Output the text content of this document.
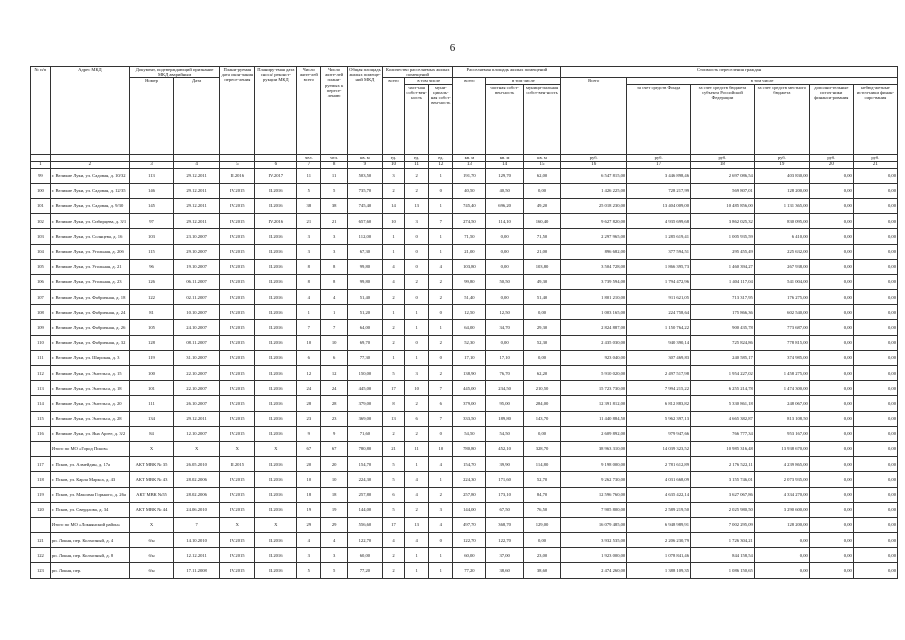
6
№ п/п	Адрес МКД	Документ, подтверждающий признание МКД аварийным		Плани-руемая дата окон-чания пересе-ления	Планиру-емая дата сноса/ реконст-рукции МКД	Число жите-лей всего	Число жите-лей плани-руемых к пересе-лению	Общая площадь жилых помеще-ний МКД	Количество расселяемых жилых помещений			Расселяемая площадь жилых помещений			Стоимость переселения граждан					
		Номер	Дата						всего	в том числе		всего	в том числе		Всего	в том числе				
										част-ная собст-вен-ность	муни-ципаль-ная собст-вен-ность		частная собст-вен-ность	муници-пальная собст-вен-ность		за счет средств Фонда	за счет средств бюджета субъекта Российской Федерации	за счет средств местного бюджета	дополни-тельные источ-ники финанси-рования	небюд-жетные источ-ники финан-сиро-вания
						чел.	чел.	кв. м	ед.	ед.	ед.	кв. м	кв. м	кв. м	руб.	руб.	руб.	руб.	руб.	руб.
1	2	3	4	5	6	7	8	9	10	11	12	13	14	15	16	17	18	19	20	21
99	г. Великие Луки, ул. Садовая, д. 10/32	113	29.12.2011	II.2016	IV.2017	11	11	503,50	3	2	1	191,70	129,70	62,00	6 547 815,00	3 446 898,46	2 697 086,54	403 830,00	0,00	0,00
100	г. Великие Луки, ул. Садовая, д. 12/35	146	29.12.2011	IV.2015	II.2016	5	5	735,70	2	2	0	40,50	40,50	0,00	1 426 225,00	728 217,99	569 807,01	128 200,00	0,00	0,00
101	г. Великие Луки, ул. Садовая, д. 9/30	145	29.12.2011	IV.2015	II.2016	38	38	745,40	14	13	1	745,40	696,20	49,20	25 018 230,00	13 404 009,00	10 485 856,00	1 131 365,00	0,00	0,00
102	г. Великие Луки, ул. Сибирцева, д. 3/1	97	29.12.2011	IV.2015	IV.2016	21	21	657,60	10	3	7	274,50	114,10	160,40	9 627 820,00	4 935 699,68	3 862 025,32	830 095,00	0,00	0,00
103	г. Великие Луки, ул. Солнцева, д. 16	103	23.10.2007	IV.2015	II.2016	3	3	112,00	1	0	1	71,50	0,00	71,50	2 297 965,00	1 285 619,41	1 005 935,59	6 410,00	0,00	0,00
104	г. Великие Луки, ул. Угольная, д. 20б	115	29.10.2007	IV.2015	II.2016	3	3	67,30	1	0	1	21,00	0,00	21,00	896 682,00	377 594,51	295 455,49	225 632,00	0,00	0,00
105	г. Великие Луки, ул. Угольная, д. 21	96	19.10.2007	IV.2015	II.2016	8	8	99,80	4	0	4	103,80	0,00	103,80	3 504 728,00	1 866 395,73	1 460 394,27	267 938,00	0,00	0,00
106	г. Великие Луки, ул. Угольная, д. 23	126	06.11.2007	IV.2015	II.2016	8	8	99,80	4	2	2	99,80	50,50	49,30	3 739 594,00	1 794 472,96	1 404 117,04	541 004,00	0,00	0,00
107	г. Великие Луки, ул. Фабричная, д. 18	122	02.11.2007	IV.2015	II.2016	4	4	51,40	2	0	2	51,40	0,00	51,40	1 801 210,00	911 621,05	713 317,95	176 275,00	0,00	0,00
108	г. Великие Луки, ул. Фабричная, д. 24	81	10.10.2007	IV.2015	II.2016	1	1	51,20	1	1	0	12,50	12,50	0,00	1 003 165,00	224 758,64	175 866,36	602 540,00	0,00	0,00
109	г. Великие Луки, ул. Фабричная, д. 26	105	24.10.2007	IV.2015	II.2016	7	7	64,00	2	1	1	64,00	34,70	29,30	2 824 887,00	1 150 764,22	900 435,78	773 687,00	0,00	0,00
110	г. Великие Луки, ул. Фабричная, д. 32	128	08.11.2007	IV.2015	II.2016	10	10	69,70	2	0	2	52,30	0,00	52,30	2 435 030,00	940 390,14	725 824,86	778 815,00	0,00	0,00
111	г. Великие Луки, ул. Широкая, д. 3	119	31.10.2007	IV.2015	II.2016	6	6	77,30	1	1	0	17,10	17,10	0,00	923 040,00	307 469,83	240 585,17	374 985,00	0,00	0,00
112	г. Великие Луки, ул. Энгельса, д. 15	100	22.10.2007	IV.2015	II.2016	12	12	150,00	5	3	2	138,90	76,70	62,20	5 910 020,00	2 497 517,98	1 954 227,02	1 458 275,00	0,00	0,00
113	г. Великие Луки, ул. Энгельса, д. 18	101	22.10.2007	IV.2015	II.2016	24	24	445,00	17	10	7	445,00	234,50	210,50	15 723 730,00	7 994 215,22	6 255 214,78	1 474 300,00	0,00	0,00
114	г. Великие Луки, ул. Энгельса, д. 20	111	26.10.2007	IV.2015	II.2016	28	28	379,00	8	2	6	379,00	95,00	284,00	12 391 812,00	6 812 883,82	5 330 861,18	248 067,00	0,00	0,00
115	г. Великие Луки, ул. Энгельса, д. 28	134	29.12.2011	IV.2015	II.2016	23	23	369,00	13	6	7	333,50	189,80	143,70	11 440 884,50	5 962 397,13	4 665 382,87	813 108,50	0,00	0,00
116	г. Великие Луки, ул. Яна Аргее, д. 3/2	84	12.10.2007	IV.2015	II.2016	9	9	71,60	2	2	0	54,50	54,50	0,00	2 609 892,00	979 947,66	766 777,34	953 167,00	0,00	0,00
	Итого по МО «Город Псков»	X	X	X	X	67	67	780,80	21	11	10	780,80	452,10	328,70	38 963 310,00	14 039 323,52	10 985 316,48	13 938 670,00	0,00	0,00
117	г. Псков, ул. Алмейдин, д. 17а	АКТ МВК № 35	26.05.2010	II.2015	II.2016	20	20	154,70	5	1	4	154,70	39,90	114,80	9 198 000,00	2 781 612,89	2 176 522,11	4 239 865,00	0,00	0,00
118	г. Псков, ул. Карла Маркса, д. 43	АКТ МВК № 43	28.02.2006	IV.2015	II.2016	10	10	224,30	5	4	1	224,30	171,60	52,70	9 262 730,00	4 031 668,09	3 155 746,01	2 073 935,00	0,00	0,00
119	г. Псков, ул. Максима Горького, д. 26а	АКТ МВК №55	28.02.2006	IV.2015	II.2016	18	18	257,80	6	4	2	257,80	173,10	84,70	12 596 760,00	4 635 422,14	3 627 067,86	4 334 270,00	0,00	0,00
120	г. Псков, ул. Свердлова, д. 34	АКТ МВК № 44	24.06.2010	IV.2015	II.2016	19	19	144,00	5	2	3	144,00	67,50	76,50	7 905 800,00	2 589 219,50	2 025 980,50	3 290 600,00	0,00	0,00
	Итого по МО «Локнянский район»	X	7	X	X	29	29	556,60	17	13	4	497,70	368,70	129,00	16 079 485,00	6 948 989,91	7 002 295,09	128 200,00	0,00	0,00
121	рп. Локня, пер. Колхозный, д. 4	б/н	14.10.2010	IV.2015	II.2016	4	4	122,70	4	4	0	122,70	122,70	0,00	3 932 535,00	2 206 230,79	1 726 304,21	0,00	0,00	0,00
122	рп. Локня, пер. Колхозный, д. 8	б/н	12.12.2011	IV.2015	II.2016	3	3	60,00	2	1	1	60,00	37,00	23,00	1 923 000,00	1 078 841,46	844 158,54	0,00	0,00	0,00
123	рп. Локня, пер.	б/н	17.11.2008	IV.2015	II.2016	5	5	77,20	2	1	1	77,20	38,60	38,60	2 474 260,00	1 388 109,35	1 086 150,65	0,00	0,00	0,00
